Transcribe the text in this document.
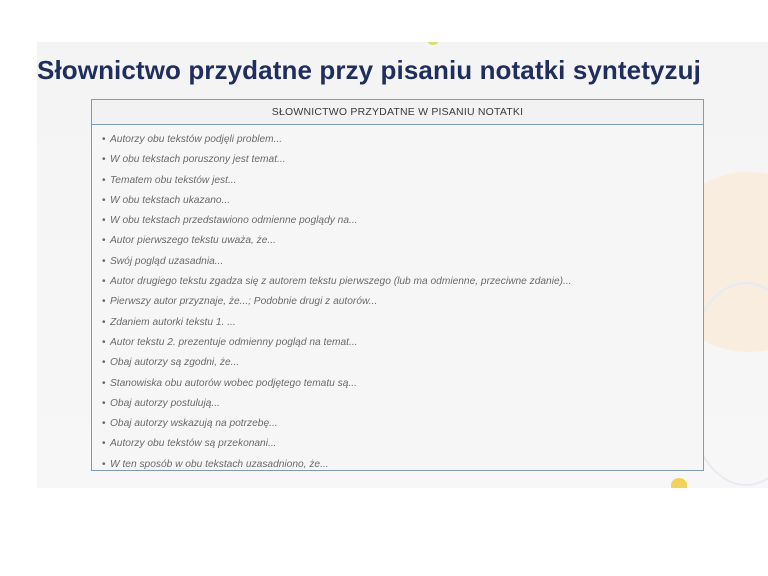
Słownictwo przydatne przy pisaniu notatki syntetyzuj
SŁOWNICTWO PRZYDATNE W PISANIU NOTATKI
• Autorzy obu tekstów podjęli problem...
• W obu tekstach poruszony jest temat...
• Tematem obu tekstów jest...
• W obu tekstach ukazano...
• W obu tekstach przedstawiono odmienne poglądy na...
• Autor pierwszego tekstu uważa, że...
• Swój pogląd uzasadnia...
• Autor drugiego tekstu zgadza się z autorem tekstu pierwszego (lub ma odmienne, przeciwne zdanie)...
• Pierwszy autor przyznaje, że...; Podobnie drugi z autorów...
• Zdaniem autorki tekstu 1. ...
• Autor tekstu 2. prezentuje odmienny pogląd na temat...
• Obaj autorzy są zgodni, że...
• Stanowiska obu autorów wobec podjętego tematu są...
• Obaj autorzy postulują...
• Obaj autorzy wskazują na potrzebę...
• Autorzy obu tekstów są przekonani...
• W ten sposób w obu tekstach uzasadniono, że...
